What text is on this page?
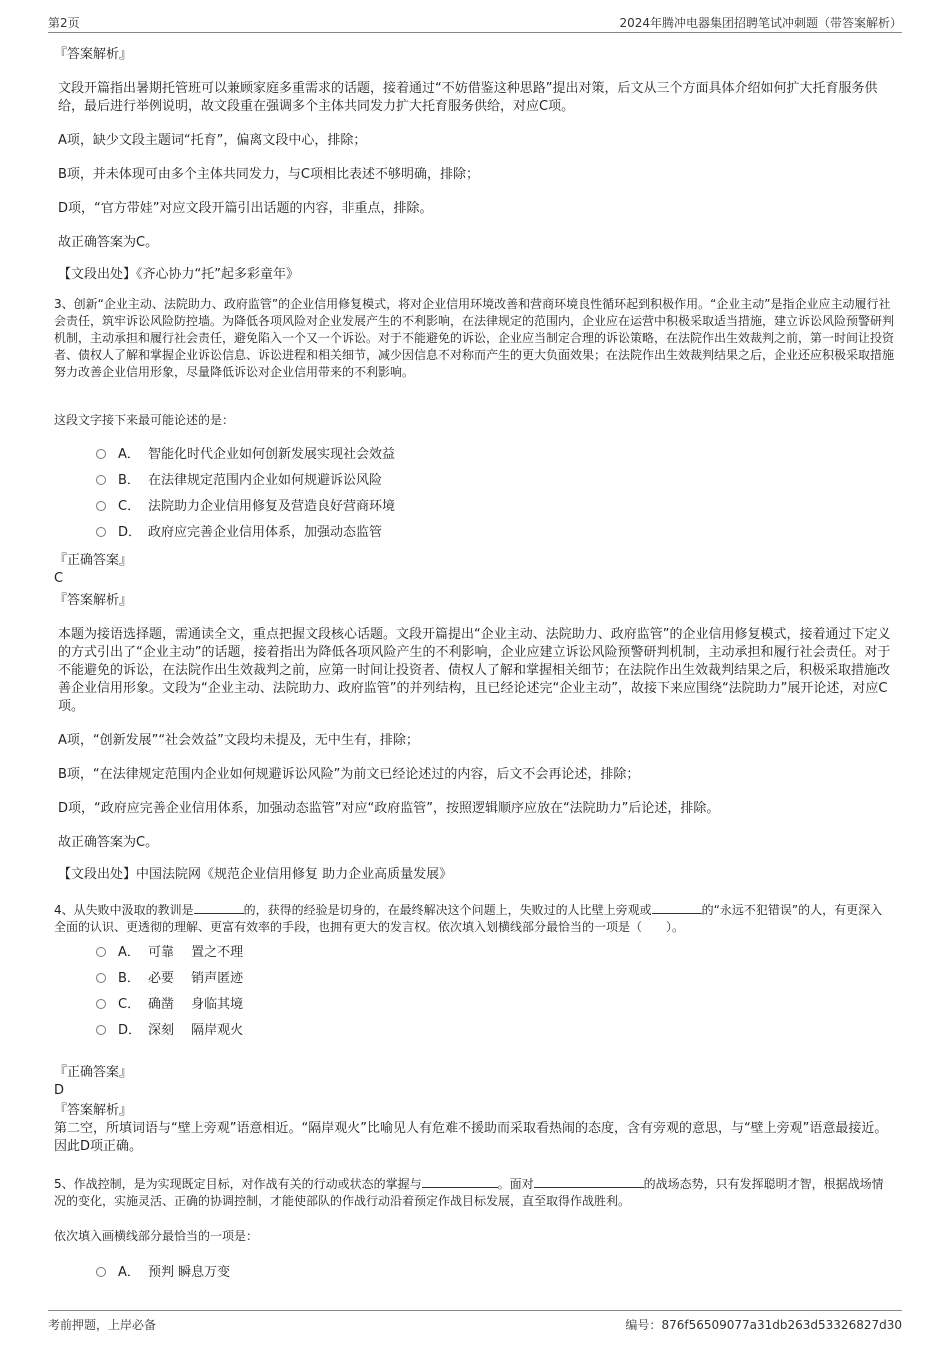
第2页	2024年腾冲电器集团招聘笔试冲刺题（带答案解析）

『答案解析』

文段开篇指出暑期托管班可以兼顾家庭多重需求的话题，接着通过“不妨借鉴这种思路”提出对策，后文从三个方面具体介绍如何扩大托育服务供给，最后进行举例说明，故文段重在强调多个主体共同发力扩大托育服务供给，对应C项。

A项，缺少文段主题词“托育”，偏离文段中心，排除；

B项，并未体现可由多个主体共同发力，与C项相比表述不够明确，排除；

D项，“官方带娃”对应文段开篇引出话题的内容，非重点，排除。

故正确答案为C。

【文段出处】《齐心协力“托”起多彩童年》

3、创新“企业主动、法院助力、政府监管”的企业信用修复模式，将对企业信用环境改善和营商环境良性循环起到积极作用。“企业主动”是指企业应主动履行社会责任，筑牢诉讼风险防控墙。为降低各项风险对企业发展产生的不利影响，在法律规定的范围内，企业应在运营中积极采取适当措施，建立诉讼风险预警研判机制，主动承担和履行社会责任，避免陷入一个又一个诉讼。对于不能避免的诉讼，企业应当制定合理的诉讼策略，在法院作出生效裁判之前，第一时间让投资者、债权人了解和掌握企业诉讼信息、诉讼进程和相关细节，减少因信息不对称而产生的更大负面效果；在法院作出生效裁判结果之后，企业还应积极采取措施努力改善企业信用形象，尽量降低诉讼对企业信用带来的不利影响。

这段文字接下来最可能论述的是：

A． 智能化时代企业如何创新发展实现社会效益
B． 在法律规定范围内企业如何规避诉讼风险
C． 法院助力企业信用修复及营造良好营商环境
D． 政府应完善企业信用体系，加强动态监管

『正确答案』

C

『答案解析』

本题为接语选择题，需通读全文，重点把握文段核心话题。文段开篇提出“企业主动、法院助力、政府监管”的企业信用修复模式，接着通过下定义的方式引出了“企业主动”的话题，接着指出为降低各项风险产生的不利影响，企业应建立诉讼风险预警研判机制，主动承担和履行社会责任。对于不能避免的诉讼，在法院作出生效裁判之前，应第一时间让投资者、债权人了解和掌握相关细节；在法院作出生效裁判结果之后，积极采取措施改善企业信用形象。文段为“企业主动、法院助力、政府监管”的并列结构，且已经论述完“企业主动”，故接下来应围绕“法院助力”展开论述，对应C项。

A项，“创新发展”“社会效益”文段均未提及，无中生有，排除；

B项，“在法律规定范围内企业如何规避诉讼风险”为前文已经论述过的内容，后文不会再论述，排除；

D项，“政府应完善企业信用体系，加强动态监管”对应“政府监管”，按照逻辑顺序应放在“法院助力”后论述，排除。

故正确答案为C。

【文段出处】中国法院网《规范企业信用修复 助力企业高质量发展》

4、从失败中汲取的教训是	的，获得的经验是切身的，在最终解决这个问题上，失败过的人比壁上旁观或	的“永远不犯错误”的人，有更深入全面的认识、更透彻的理解、更富有效率的手段，也拥有更大的发言权。依次填入划横线部分最恰当的一项是（　　）。

A． 可靠　 置之不理
B． 必要　 销声匿迹
C． 确凿　 身临其境
D． 深刻　 隔岸观火

『正确答案』

D

『答案解析』

第二空，所填词语与“壁上旁观”语意相近。“隔岸观火”比喻见人有危难不援助而采取看热闹的态度，含有旁观的意思，与“壁上旁观”语意最接近。因此D项正确。

5、作战控制，是为实现既定目标，对作战有关的行动或状态的掌握与	。面对	的战场态势，只有发挥聪明才智，根据战场情况的变化，实施灵活、正确的协调控制，才能使部队的作战行动沿着预定作战目标发展，直至取得作战胜利。

依次填入画横线部分最恰当的一项是：

A． 预判 瞬息万变
考前押题，上岸必备	编号：876f56509077a31db263d53326827d30
